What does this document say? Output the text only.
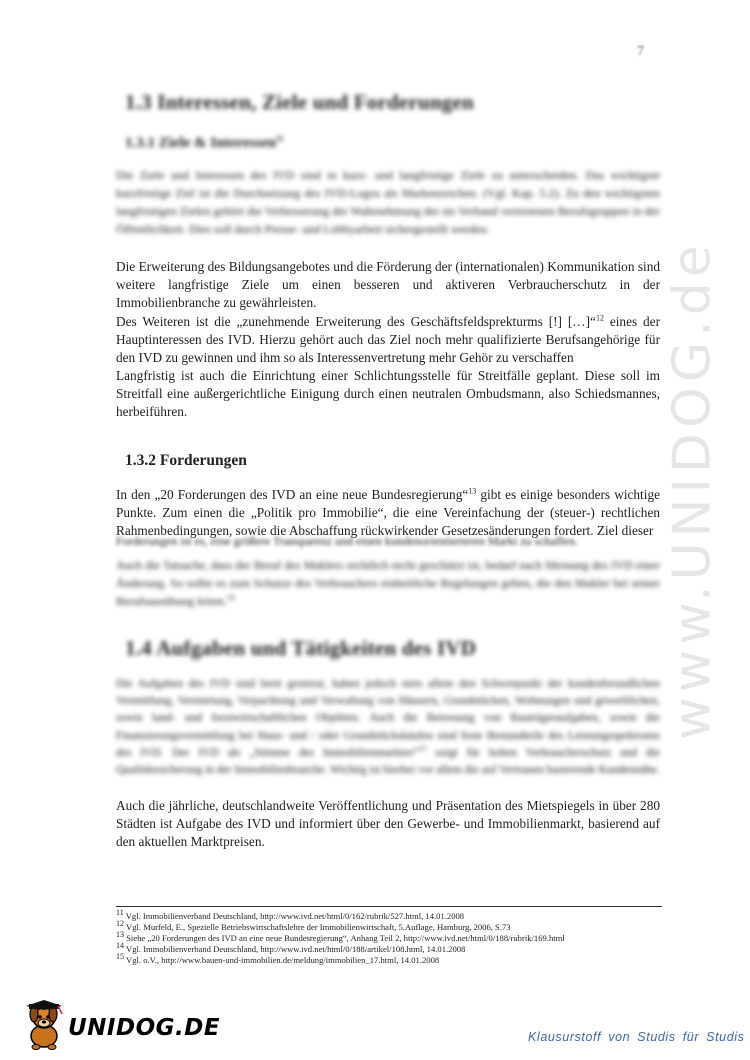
7
1.3 Interessen, Ziele und Forderungen
1.3.1 Ziele & Interessen$^{11}$

Die Ziele und Interessen des IVD sind in kurz- und langfristige Ziele zu unterscheiden. Das wichtigste kurzfristige Ziel ist die Durchsetzung des IVD-Logos als Markenzeichen. (Vgl. Kap. 5.2). Zu den wichtigsten langfristigen Zielen gehört die Verbesserung der Wahrnehmung der im Verband vertretenen Berufsgruppen in der Öffentlichkeit. Dies soll durch Presse- und Lobbyarbeit sichergestellt werden.

Die Erweiterung des Bildungsangebotes und die Förderung der (internationalen) Kommunikation sind weitere langfristige Ziele um einen besseren und aktiveren Verbraucherschutz in der Immobilienbranche zu gewährleisten.

Des Weiteren ist die „zunehmende Erweiterung des Geschäftsfeldsprekturms [!] […]“$^{12}$ eines der Hauptinteressen des IVD. Hierzu gehört auch das Ziel noch mehr qualifizierte Berufsangehörige für den IVD zu gewinnen und ihm so als Interessenvertretung mehr Gehör zu verschaffen

Langfristig ist auch die Einrichtung einer Schlichtungsstelle für Streitfälle geplant. Diese soll im Streitfall eine außergerichtliche Einigung durch einen neutralen Ombudsmann, also Schiedsmannes, herbeiführen.

1.3.2 Forderungen

In den „20 Forderungen des IVD an eine neue Bundesregierung“$^{13}$ gibt es einige besonders wichtige Punkte. Zum einen die „Politik pro Immobilie“, die eine Vereinfachung der (steuer-) rechtlichen Rahmenbedingungen, sowie die Abschaffung rückwirkender Gesetzesänderungen fordert. Ziel dieser

Forderungen ist es, eine größere Transparenz und einen kundenorientierteren Markt zu schaffen.

Auch die Tatsache, dass der Beruf des Maklers rechtlich nicht geschützt ist, bedarf nach Meinung des IVD einer Änderung. So sollte es zum Schutze des Verbrauchers einheitliche Regelungen geben, die den Makler bei seiner Berufsausübung leiten.$^{14}$

1.4 Aufgaben und Tätigkeiten des IVD

Die Aufgaben des IVD sind breit gestreut, haben jedoch stets allem den Schwerpunkt der kundenfreundlichen Vermittlung, Vermietung, Verpachtung und Verwaltung von Häusern, Grundstücken, Wohnungen und gewerblichen, sowie land- und forstwirtschaftlichen Objekten. Auch die Betreuung von Bauträgeraufgaben, sowie die Finanzierungsvermittlung bei Haus- und / oder Grundstückskäufen sind feste Bestandteile des Leistungsspektrums des IVD. Der IVD als „Stimme des Immobilienmarktes“$^{15}$ sorgt für hohen Verbraucherschutz und die Qualitätssicherung in der Immobilienbranche. Wichtig ist hierbei vor allem die auf Vertrauen basierende Kundennähe.

Auch die jährliche, deutschlandweite Veröffentlichung und Präsentation des Mietspiegels in über 280 Städten ist Aufgabe des IVD und informiert über den Gewerbe- und Immobilienmarkt, basierend auf den aktuellen Marktpreisen.

$^{11}$ Vgl. Immobilienverband Deutschland, http://www.ivd.net/html/0/162/rubrik/527.html, 14.01.2008
$^{12}$ Vgl. Murfeld, E., Spezielle Betriebswirtschaftslehre der Immobilienwirtschaft, 5.Auflage, Hamburg, 2006, S.73
$^{13}$ Siehe „20 Forderungen des IVD an eine neue Bundesregierung“, Anhang Teil 2, http://www.ivd.net/html/0/188/rubrik/169.html
$^{14}$ Vgl. Immobilienverband Deutschland, http://www.ivd.net/html/0/188/artikel/108.html, 14.01.2008
$^{15}$ Vgl. o.V., http://www.bauen-und-immobilien.de/meldung/immobilien_17.html, 14.01.2008
www.UNIDOG.de
UNIDOG.DE	Klausurstoff von Studis für Studis
